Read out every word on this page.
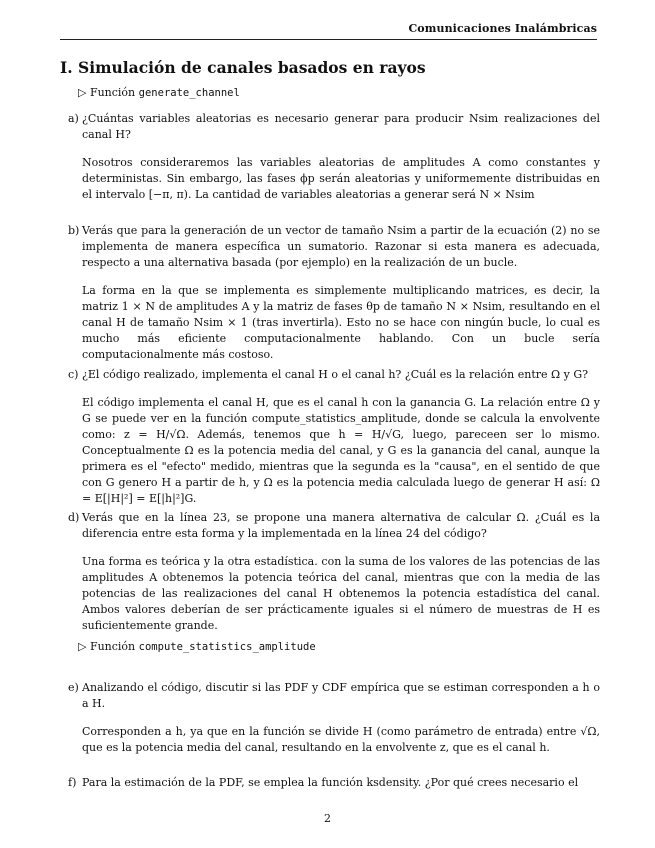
Comunicaciones Inalámbricas
I. Simulación de canales basados en rayos
▷ Función generate_channel
a) ¿Cuántas variables aleatorias es necesario generar para producir Nsim realizaciones del canal H?
Nosotros consideraremos las variables aleatorias de amplitudes A como constantes y deterministas. Sin embargo, las fases ϕp serán aleatorias y uniformemente distribuidas en el intervalo [−π, π). La cantidad de variables aleatorias a generar será N × Nsim
b) Verás que para la generación de un vector de tamaño Nsim a partir de la ecuación (2) no se implementa de manera específica un sumatorio. Razonar si esta manera es adecuada, respecto a una alternativa basada (por ejemplo) en la realización de un bucle.
La forma en la que se implementa es simplemente multiplicando matrices, es decir, la matriz 1 × N de amplitudes A y la matriz de fases θp de tamaño N × Nsim, resultando en el canal H de tamaño Nsim × 1 (tras invertirla). Esto no se hace con ningún bucle, lo cual es mucho más eficiente computacionalmente hablando. Con un bucle sería computacionalmente más costoso.
c) ¿El código realizado, implementa el canal H o el canal h? ¿Cuál es la relación entre Ω y G?
El código implementa el canal H, que es el canal h con la ganancia G. La relación entre Ω y G se puede ver en la función compute_statistics_amplitude, donde se calcula la envolvente como: z = H/√Ω. Además, tenemos que h = H/√G, luego, pareceen ser lo mismo. Conceptualmente Ω es la potencia media del canal, y G es la ganancia del canal, aunque la primera es el "efecto" medido, mientras que la segunda es la "causa", en el sentido de que con G genero H a partir de h, y Ω es la potencia media calculada luego de generar H así: Ω = E[|H|²] = E[|h|²]G.
d) Verás que en la línea 23, se propone una manera alternativa de calcular Ω. ¿Cuál es la diferencia entre esta forma y la implementada en la línea 24 del código?
Una forma es teórica y la otra estadística. con la suma de los valores de las potencias de las amplitudes A obtenemos la potencia teórica del canal, mientras que con la media de las potencias de las realizaciones del canal H obtenemos la potencia estadística del canal. Ambos valores deberían de ser prácticamente iguales si el número de muestras de H es suficientemente grande.
▷ Función compute_statistics_amplitude
e) Analizando el código, discutir si las PDF y CDF empírica que se estiman corresponden a h o a H.
Corresponden a h, ya que en la función se divide H (como parámetro de entrada) entre √Ω, que es la potencia media del canal, resultando en la envolvente z, que es el canal h.
f) Para la estimación de la PDF, se emplea la función ksdensity. ¿Por qué crees necesario el
2
